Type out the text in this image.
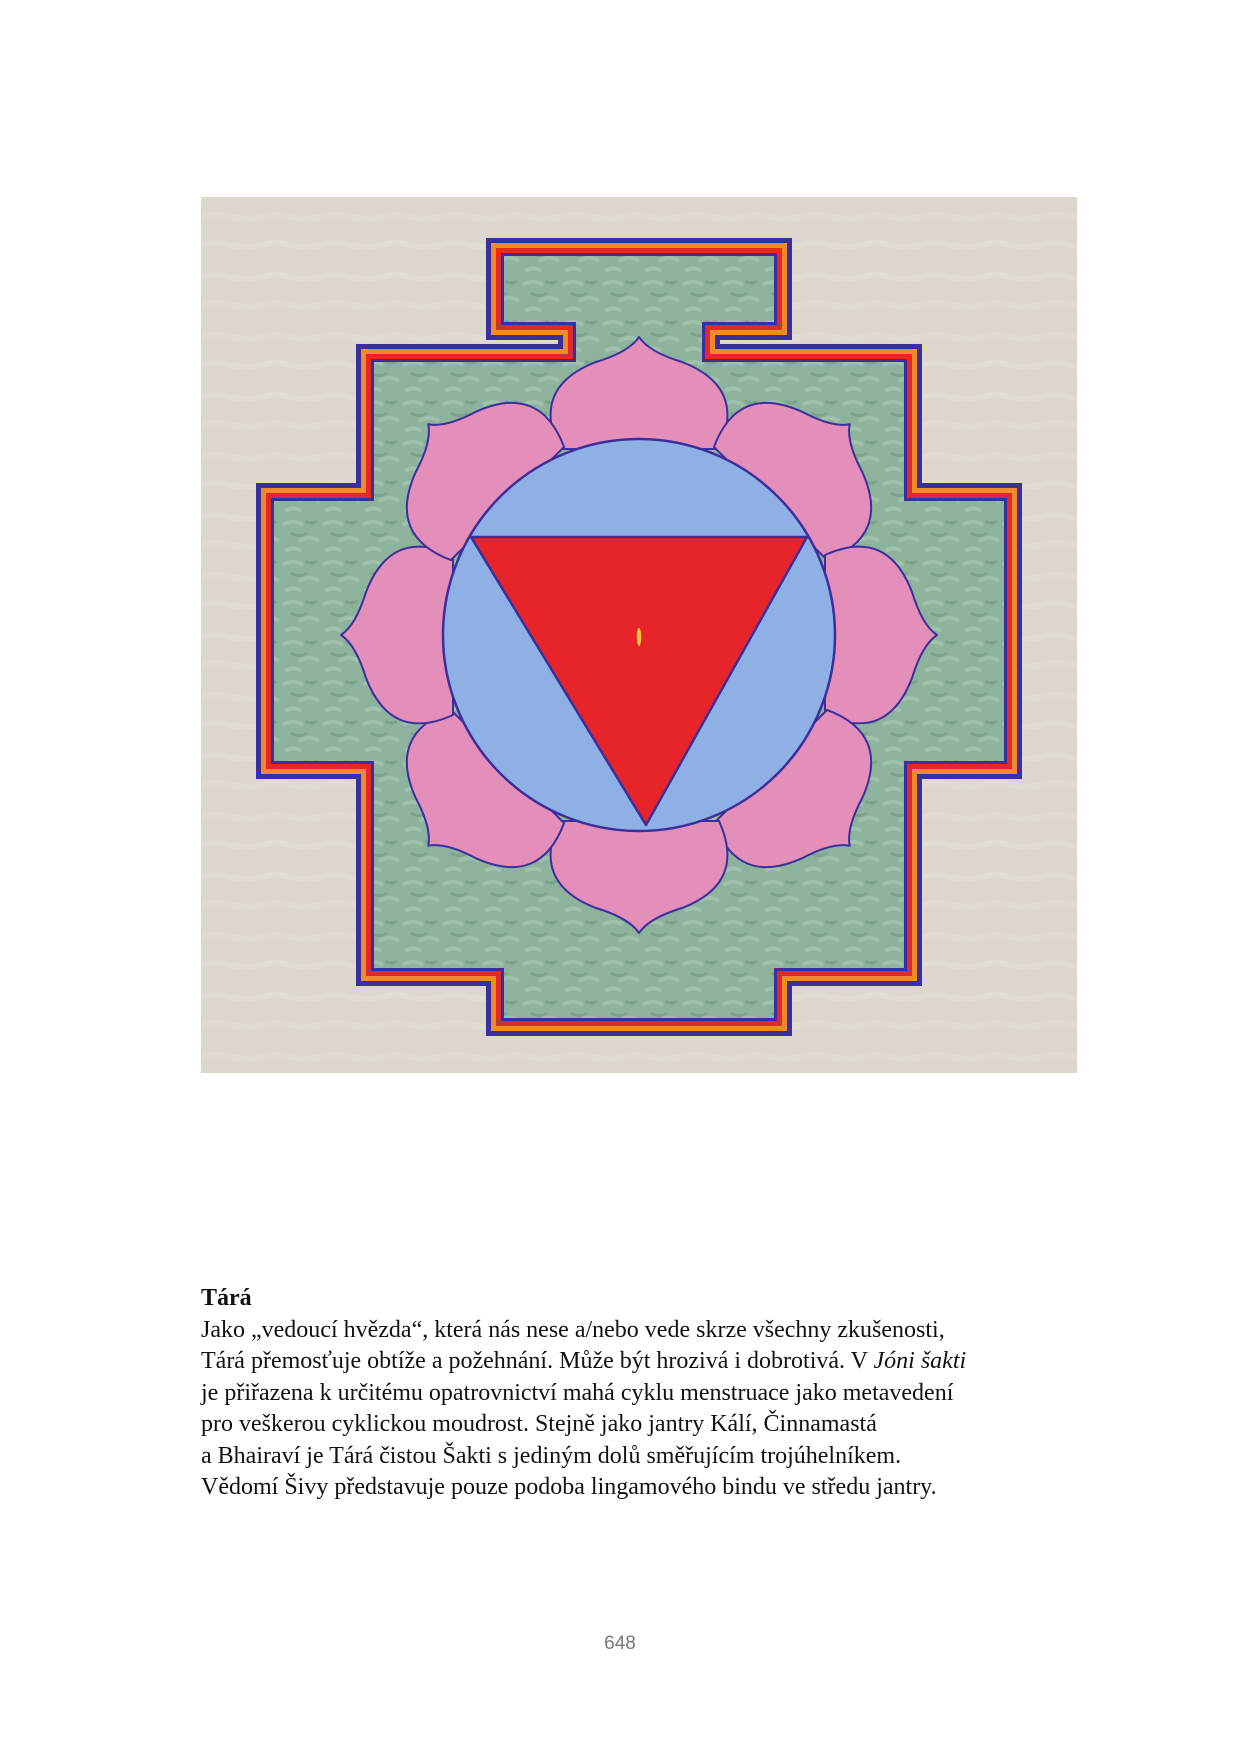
Tárá
Jako „vedoucí hvězda“, která nás nese a/nebo vede skrze všechny zkušenosti,
Tárá přemosťuje obtíže a požehnání. Může být hrozivá i dobrotivá. V Jóni šakti
je přiřazena k určitému opatrovnictví mahá cyklu menstruace jako metavedení
pro veškerou cyklickou moudrost. Stejně jako jantry Kálí, Činnamastá
a Bhairaví je Tárá čistou Šakti s jediným dolů směřujícím trojúhelníkem.
Vědomí Šivy představuje pouze podoba lingamového bindu ve středu jantry.
648
